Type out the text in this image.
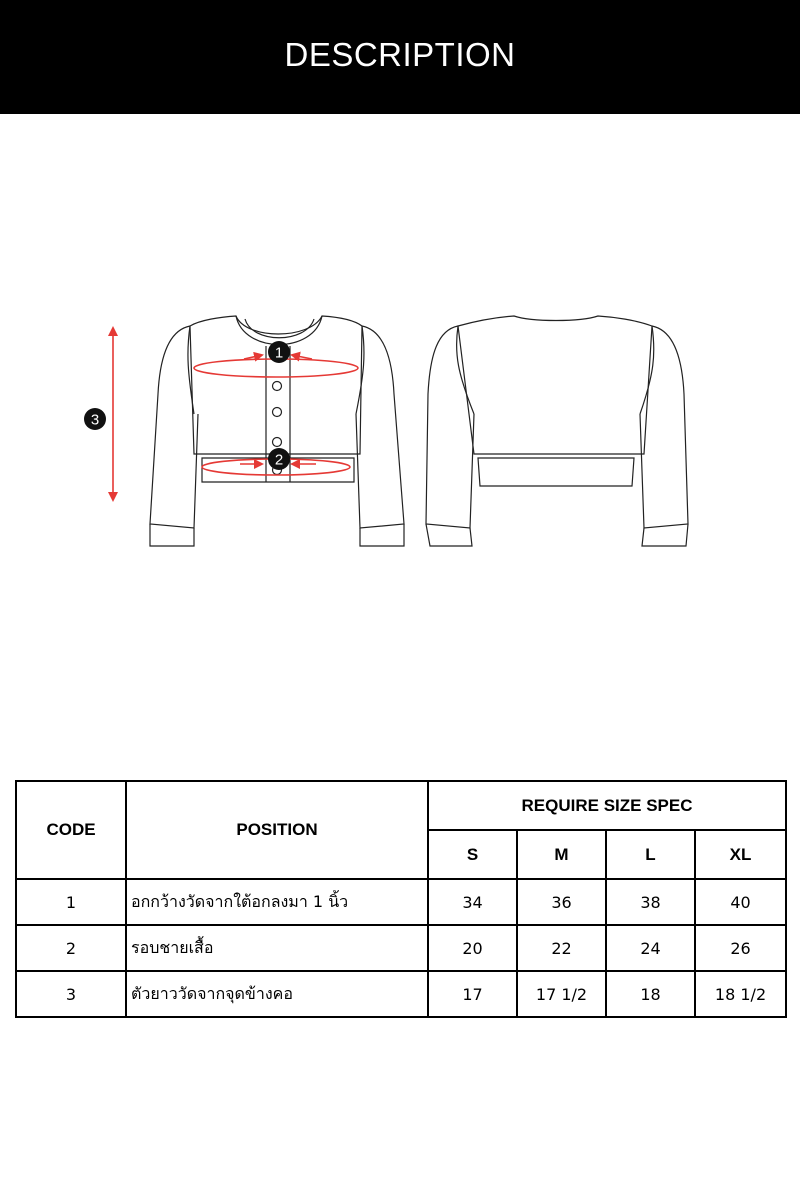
DESCRIPTION
1
2
3
CODE	POSITION	REQUIRE SIZE SPEC			
		S	M	L	XL
1	อกกว้างวัดจากใต้อกลงมา 1 นิ้ว	34	36	38	40
2	รอบชายเสื้อ	20	22	24	26
3	ตัวยาววัดจากจุดข้างคอ	17	17 1/2	18	18 1/2
